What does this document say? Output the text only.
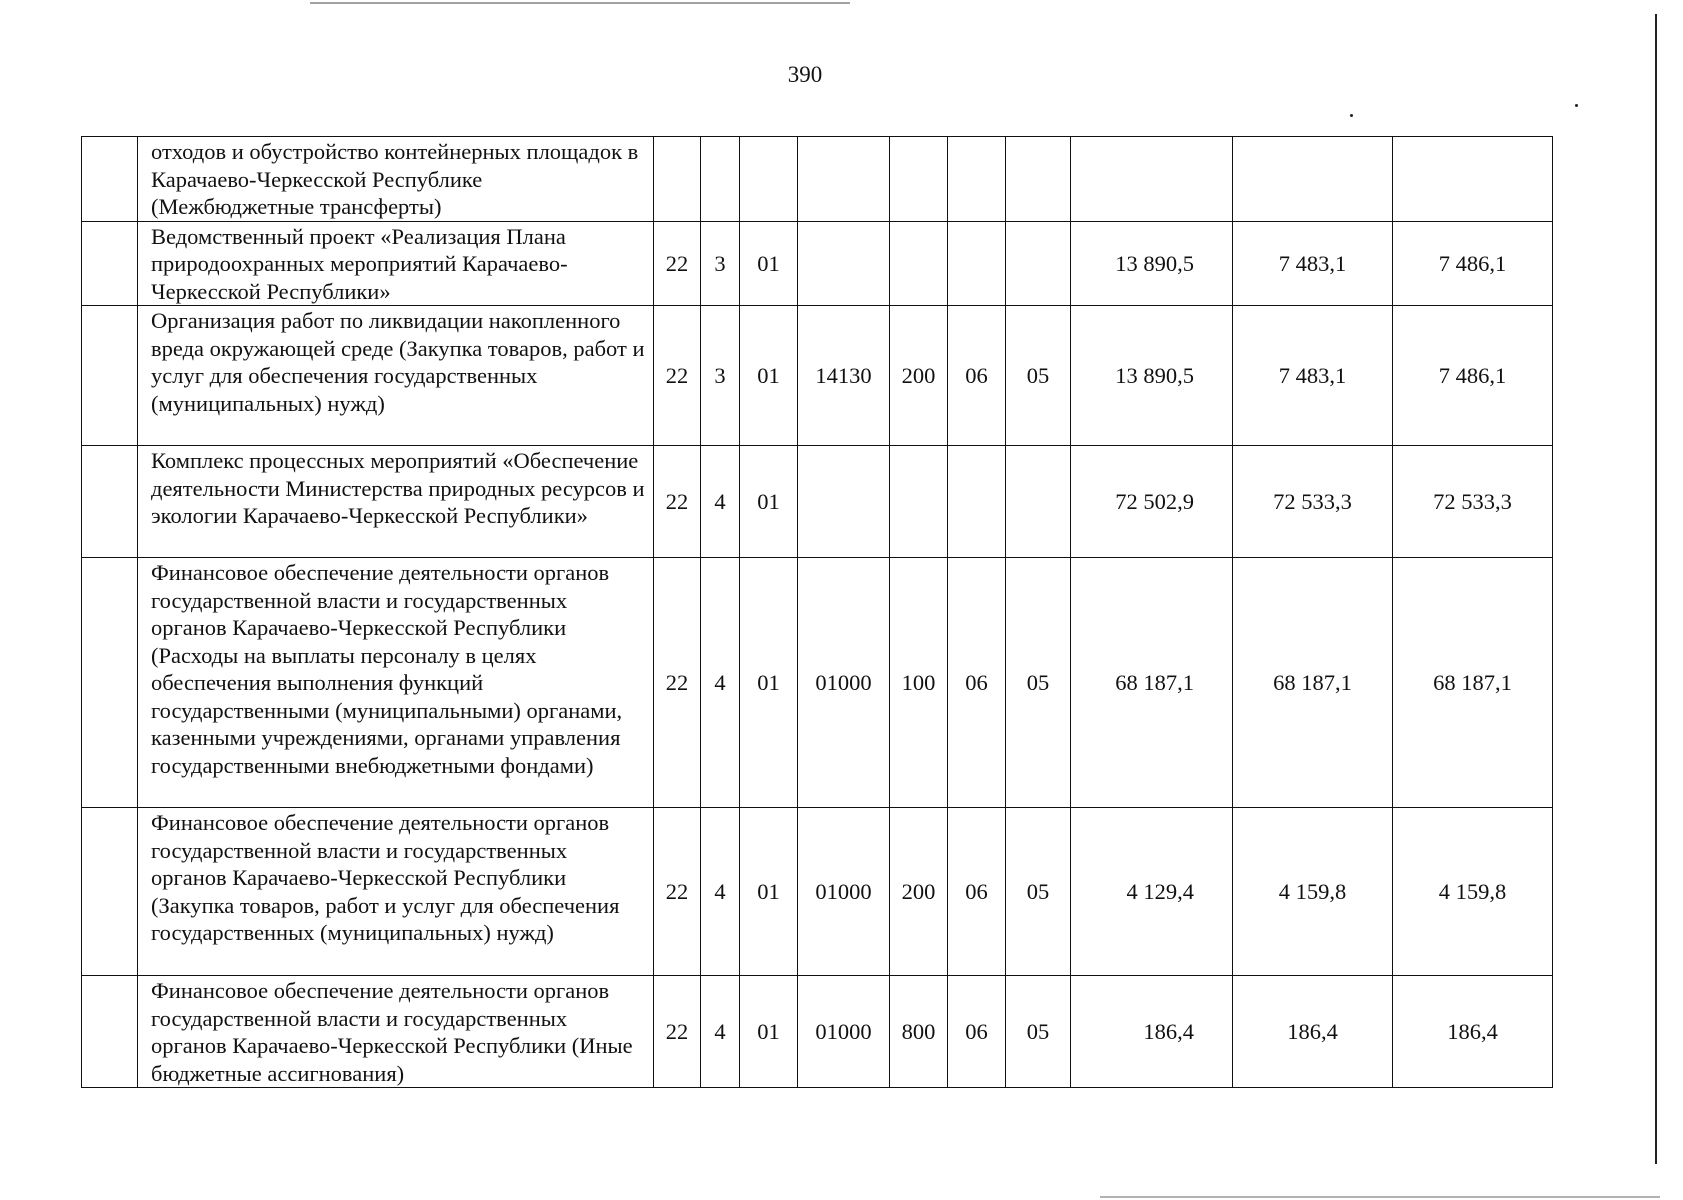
390
	отходов и обустройство контейнерных площадок в Карачаево-Черкесской Республике (Межбюджетные трансферты)										
	Ведомственный проект «Реализация Плана природоохранных мероприятий Карачаево-Черкесской Республики»	22	3	01					13 890,5	7 483,1	7 486,1
	Организация работ по ликвидации накопленного вреда окружающей среде (Закупка товаров, работ и услуг для обеспечения государственных (муниципальных) нужд)	22	3	01	14130	200	06	05	13 890,5	7 483,1	7 486,1
	Комплекс процессных мероприятий «Обеспечение деятельности Министерства природных ресурсов и экологии Карачаево-Черкесской Республики»	22	4	01					72 502,9	72 533,3	72 533,3
	Финансовое обеспечение деятельности органов государственной власти и государственных органов Карачаево-Черкесской Республики (Расходы на выплаты персоналу в целях обеспечения выполнения функций государственными (муниципальными) органами, казенными учреждениями, органами управления государственными внебюджетными фондами)	22	4	01	01000	100	06	05	68 187,1	68 187,1	68 187,1
	Финансовое обеспечение деятельности органов государственной власти и государственных органов Карачаево-Черкесской Республики (Закупка товаров, работ и услуг для обеспечения государственных (муниципальных) нужд)	22	4	01	01000	200	06	05	4 129,4	4 159,8	4 159,8
	Финансовое обеспечение деятельности органов государственной власти и государственных органов Карачаево-Черкесской Республики (Иные бюджетные ассигнования)	22	4	01	01000	800	06	05	186,4	186,4	186,4
